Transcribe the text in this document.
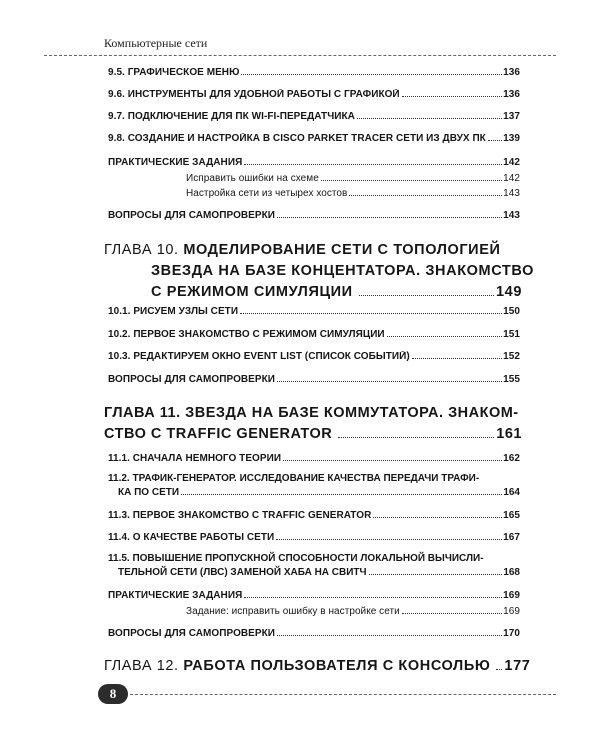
Компьютерные сети
9.5. ГРАФИЧЕСКОЕ МЕНЮ	136
9.6. ИНСТРУМЕНТЫ ДЛЯ УДОБНОЙ РАБОТЫ С ГРАФИКОЙ	136
9.7. ПОДКЛЮЧЕНИЕ ДЛЯ ПК WI-FI-ПЕРЕДАТЧИКА	137
9.8. СОЗДАНИЕ И НАСТРОЙКА В CISCO PARKET TRACER СЕТИ ИЗ ДВУХ ПК 139
ПРАКТИЧЕСКИЕ ЗАДАНИЯ	142
Исправить ошибки на схеме	142
Настройка сети из четырех хостов	143
ВОПРОСЫ ДЛЯ САМОПРОВЕРКИ	143
ГЛАВА 10. МОДЕЛИРОВАНИЕ СЕТИ С ТОПОЛОГИЕЙ
ЗВЕЗДА НА БАЗЕ КОНЦЕНТАТОРА. ЗНАКОМСТВО
С РЕЖИМОМ СИМУЛЯЦИИ	149
10.1. РИСУЕМ УЗЛЫ СЕТИ	150
10.2. ПЕРВОЕ ЗНАКОМСТВО С РЕЖИМОМ СИМУЛЯЦИИ	151
10.3. РЕДАКТИРУЕМ ОКНО EVENT LIST (СПИСОК СОБЫТИЙ)	152
ВОПРОСЫ ДЛЯ САМОПРОВЕРКИ	155
ГЛАВА 11. ЗВЕЗДА НА БАЗЕ КОММУТАТОРА. ЗНАКОМ-
СТВО С TRAFFIC GENERATOR	161
11.1. СНАЧАЛА НЕМНОГО ТЕОРИИ	162
11.2. ТРАФИК-ГЕНЕРАТОР. ИССЛЕДОВАНИЕ КАЧЕСТВА ПЕРЕДАЧИ ТРАФИ-
КА ПО СЕТИ	164
11.3. ПЕРВОЕ ЗНАКОМСТВО С TRAFFIC GENERATOR	165
11.4. О КАЧЕСТВЕ РАБОТЫ СЕТИ	167
11.5. ПОВЫШЕНИЕ ПРОПУСКНОЙ СПОСОБНОСТИ ЛОКАЛЬНОЙ ВЫЧИСЛИ-
ТЕЛЬНОЙ СЕТИ (ЛВС) ЗАМЕНОЙ ХАБА НА СВИТЧ	168
ПРАКТИЧЕСКИЕ ЗАДАНИЯ	169
Задание: исправить ошибку в настройке сети	169
ВОПРОСЫ ДЛЯ САМОПРОВЕРКИ	170
ГЛАВА 12.
РАБОТА ПОЛЬЗОВАТЕЛЯ С КОНСОЛЬЮ 177
8
